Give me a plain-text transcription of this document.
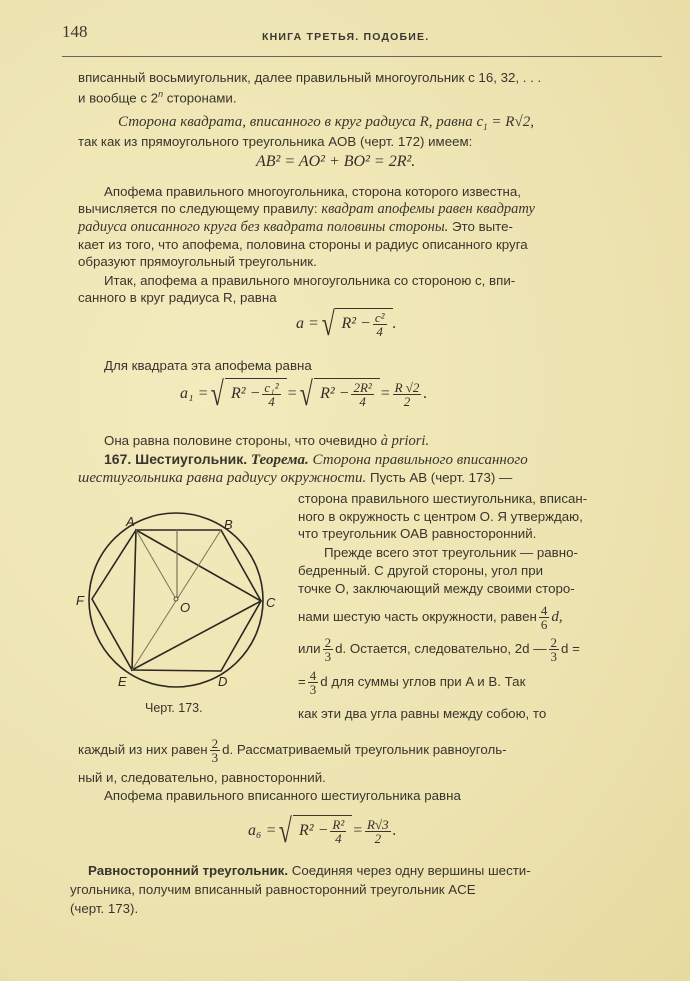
148	КНИГА ТРЕТЬЯ. ПОДОБИЕ.
вписанный восьмиугольник, далее правильный многоугольник с 16, 32, . . .
и вообще с 2$^n$ сторонами.
Сторона квадрата, вписанного в круг радиуса R, равна $c_1 = R√2$,
так как из прямоугольного треугольника AOB (черт. 172) имеем:
AB² = AO² + BO² = 2R².
Апофема правильного многоугольника, сторона которого известна,
вычисляется по следующему правилу: квадрат апофемы равен квадрату
радиуса описанного круга без квадрата половины стороны. Это выте-
кает из того, что апофема, половина стороны и радиус описанного круга
образуют прямоугольный треугольник.
Итак, апофема a правильного многоугольника со стороною c, впи-
санного в круг радиуса R, равна
a =√ $R^2 - \frac{\text{c²}}{4}$ .
Для квадрата эта апофема равна
a₁ =√ $R^2 - \frac{\text{c₁²}}{4}$ =√ $R^2 - \frac{\text{2R²}}{4} = \frac{R √2}{2}$ .
Она равна половине стороны, что очевидно à priori.
167. Шестиугольник. Теорема. Сторона правильного вписанного
шестиугольника равна радиусу окружности. Пусть AB (черт. 173) —
сторона правильного шестиугольника, вписан-
ного в окружность с центром O. Я утверждаю,
что треугольник OAB равносторонний.
Прежде всего этот треугольник — равно-
бедренный. С другой стороны, угол при
точке O, заключающий между своими сторо-
нами шестую часть окружности, равен $\frac{4}{6} d$,
или $\frac{2}{3} d$. Остается, следовательно, 2d — $\frac{2}{3}$ d =
= $\frac{4}{3}$ d для суммы углов при A и B. Так
как эти два угла равны между собою, то
каждый из них равен $\frac{2}{3} d$. Рассматриваемый треугольник равноуголь-
ный и, следовательно, равносторонний.
Апофема правильного вписанного шестиугольника равна
a₆ =√ $R^2 - \frac{\text{R²}}{4} = \frac{R√3}{2}$ .
Равносторонний треугольник. Соединяя через одну вершины шести-
угольника, получим вписанный равносторонний треугольник ACE
(черт. 173).
A	B
C
D
E
F	O
Черт. 173.
